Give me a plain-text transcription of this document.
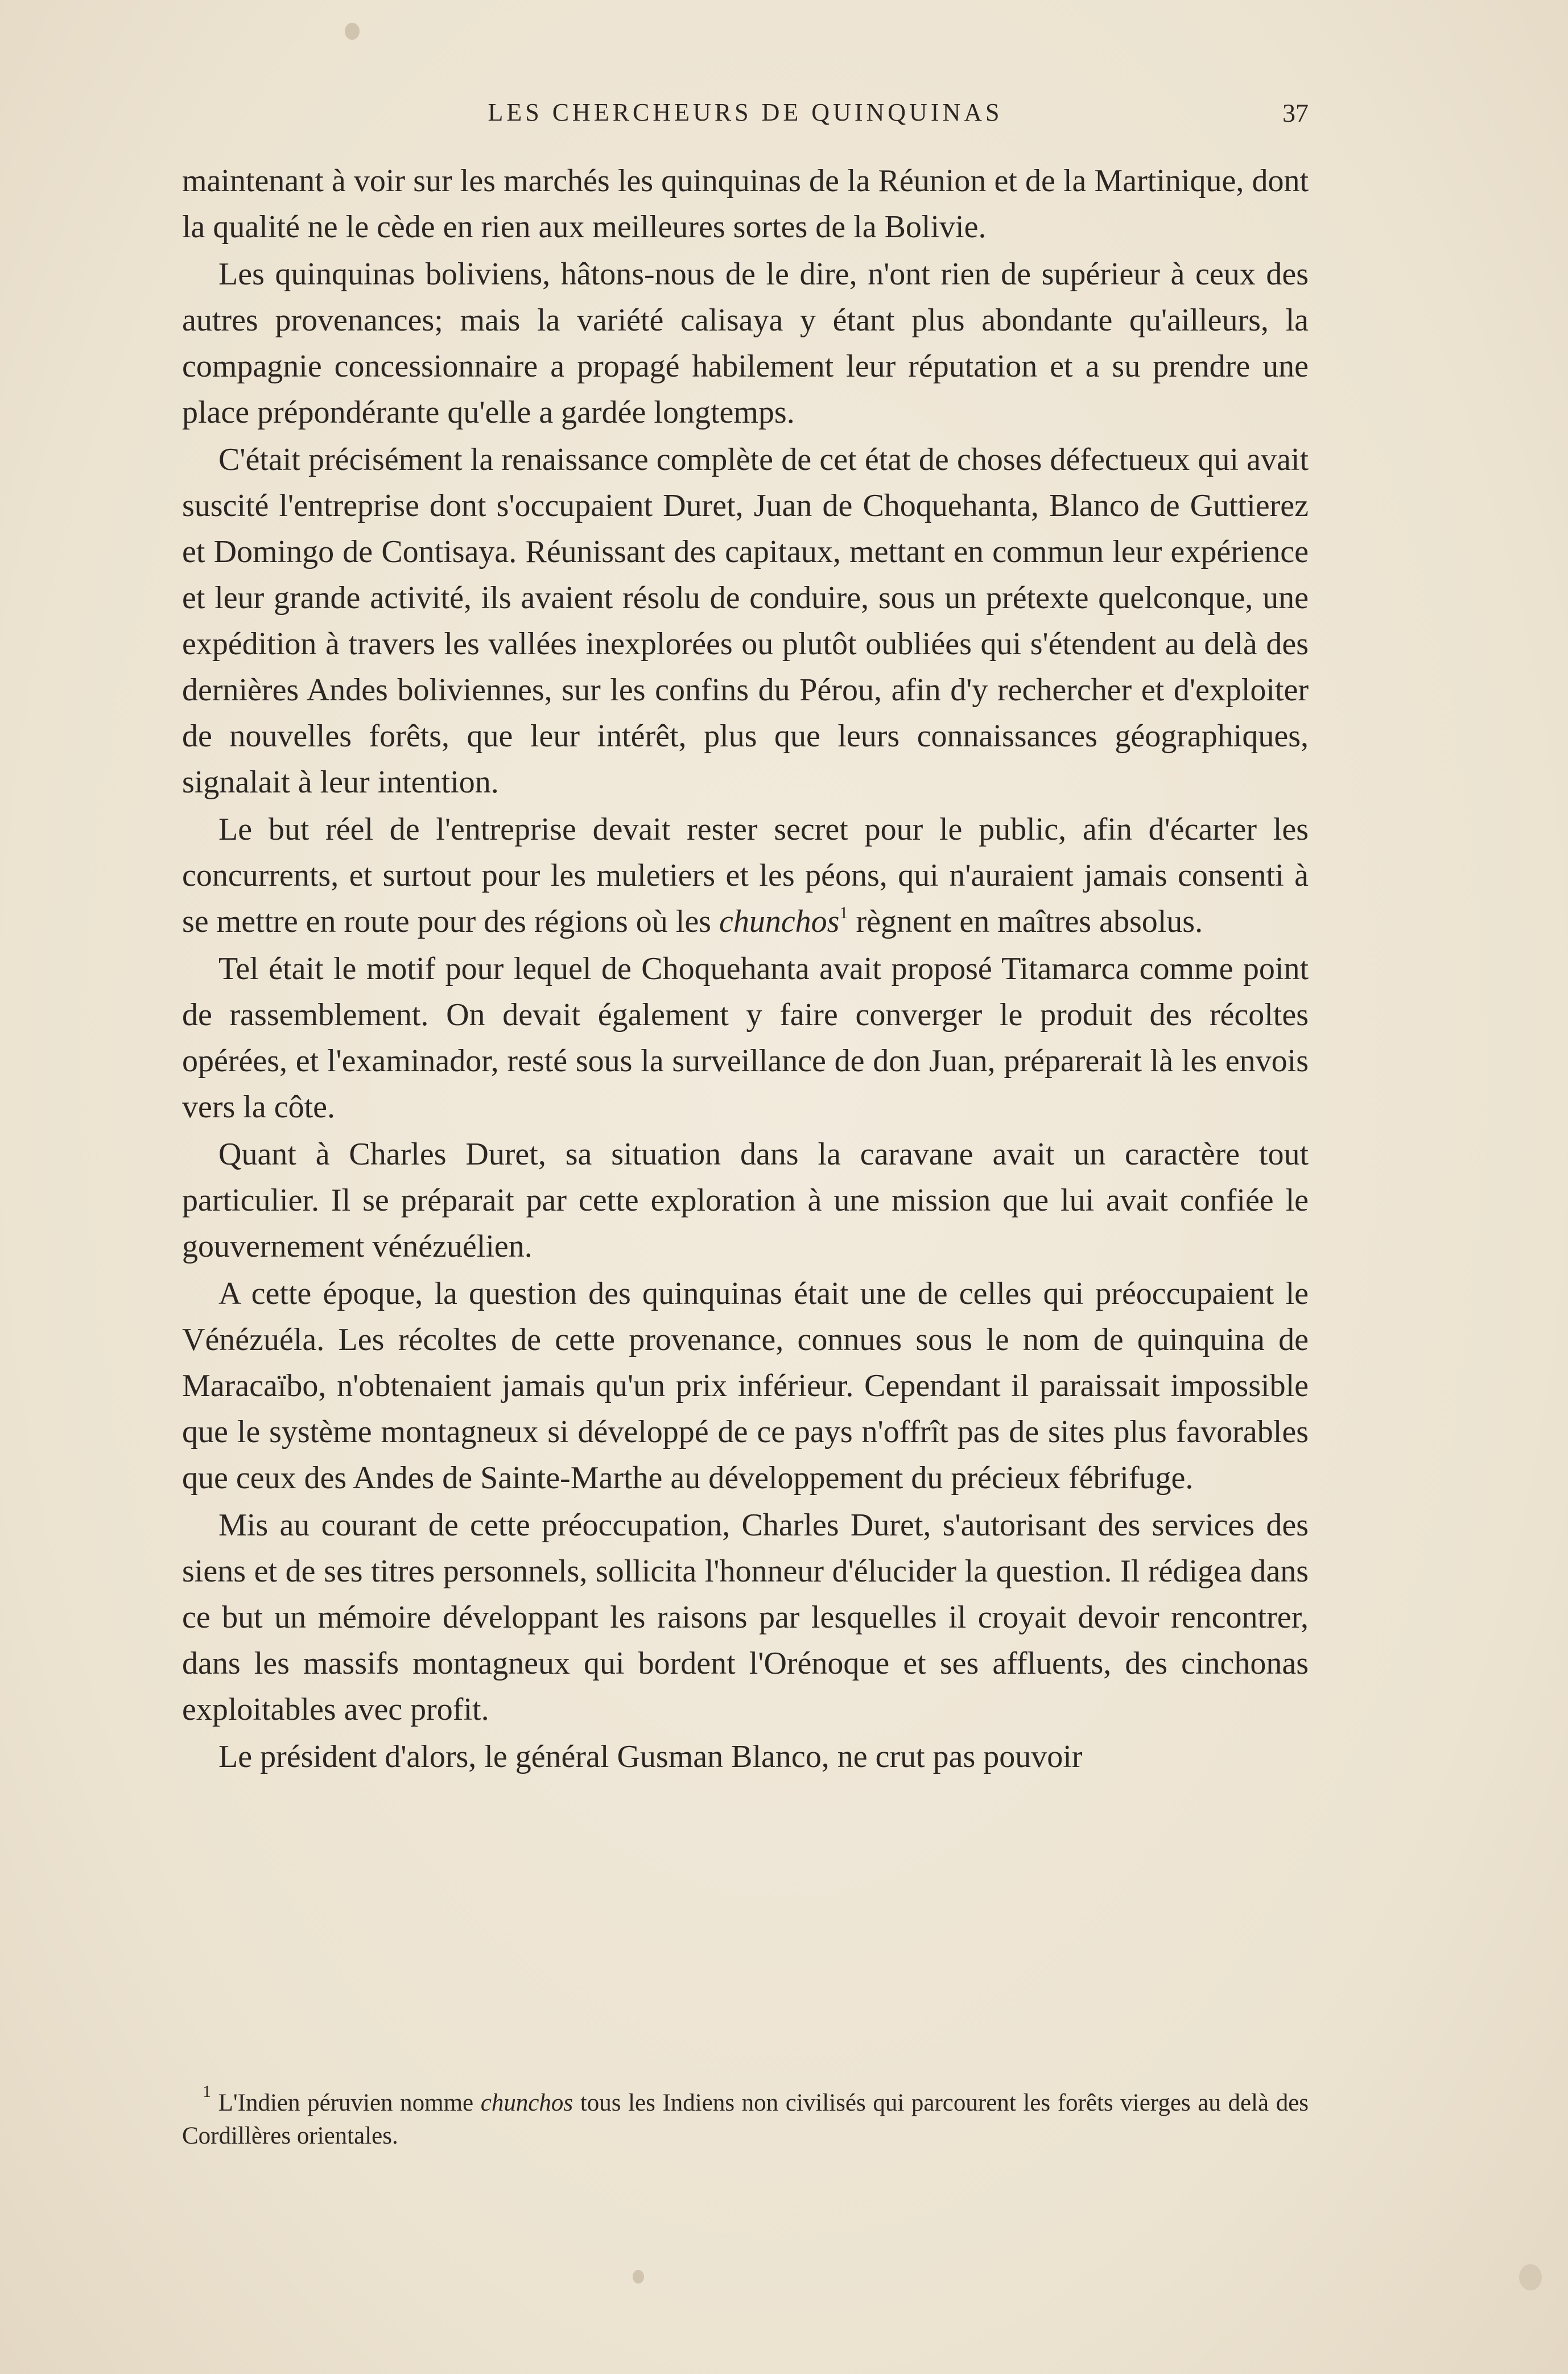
LES CHERCHEURS DE QUINQUINAS	37

maintenant à voir sur les marchés les quinquinas de la Réunion et de la Martinique, dont la qualité ne le cède en rien aux meilleures sortes de la Bolivie.

Les quinquinas boliviens, hâtons-nous de le dire, n'ont rien de supérieur à ceux des autres provenances; mais la variété calisaya y étant plus abondante qu'ailleurs, la compagnie concessionnaire a propagé habilement leur réputation et a su prendre une place prépondérante qu'elle a gardée longtemps.

C'était précisément la renaissance complète de cet état de choses défectueux qui avait suscité l'entreprise dont s'occupaient Duret, Juan de Choquehanta, Blanco de Guttierez et Domingo de Contisaya. Réunissant des capitaux, mettant en commun leur expérience et leur grande activité, ils avaient résolu de conduire, sous un prétexte quelconque, une expédition à travers les vallées inexplorées ou plutôt oubliées qui s'étendent au delà des dernières Andes boliviennes, sur les confins du Pérou, afin d'y rechercher et d'exploiter de nouvelles forêts, que leur intérêt, plus que leurs connaissances géographiques, signalait à leur intention.

Le but réel de l'entreprise devait rester secret pour le public, afin d'écarter les concurrents, et surtout pour les muletiers et les péons, qui n'auraient jamais consenti à se mettre en route pour des régions où les chunchos$^1$ règnent en maîtres absolus.

Tel était le motif pour lequel de Choquehanta avait proposé Titamarca comme point de rassemblement. On devait également y faire converger le produit des récoltes opérées, et l'examinador, resté sous la surveillance de don Juan, préparerait là les envois vers la côte.

Quant à Charles Duret, sa situation dans la caravane avait un caractère tout particulier. Il se préparait par cette exploration à une mission que lui avait confiée le gouvernement vénézuélien.

A cette époque, la question des quinquinas était une de celles qui préoccupaient le Vénézuéla. Les récoltes de cette provenance, connues sous le nom de quinquina de Maracaïbo, n'obtenaient jamais qu'un prix inférieur. Cependant il paraissait impossible que le système montagneux si développé de ce pays n'offrît pas de sites plus favorables que ceux des Andes de Sainte-Marthe au développement du précieux fébrifuge.

Mis au courant de cette préoccupation, Charles Duret, s'autorisant des services des siens et de ses titres personnels, sollicita l'honneur d'élucider la question. Il rédigea dans ce but un mémoire développant les raisons par lesquelles il croyait devoir rencontrer, dans les massifs montagneux qui bordent l'Orénoque et ses affluents, des cinchonas exploitables avec profit.

Le président d'alors, le général Gusman Blanco, ne crut pas pouvoir

$^1$ L'Indien péruvien nomme chunchos tous les Indiens non civilisés qui parcourent les forêts vierges au delà des Cordillères orientales.
